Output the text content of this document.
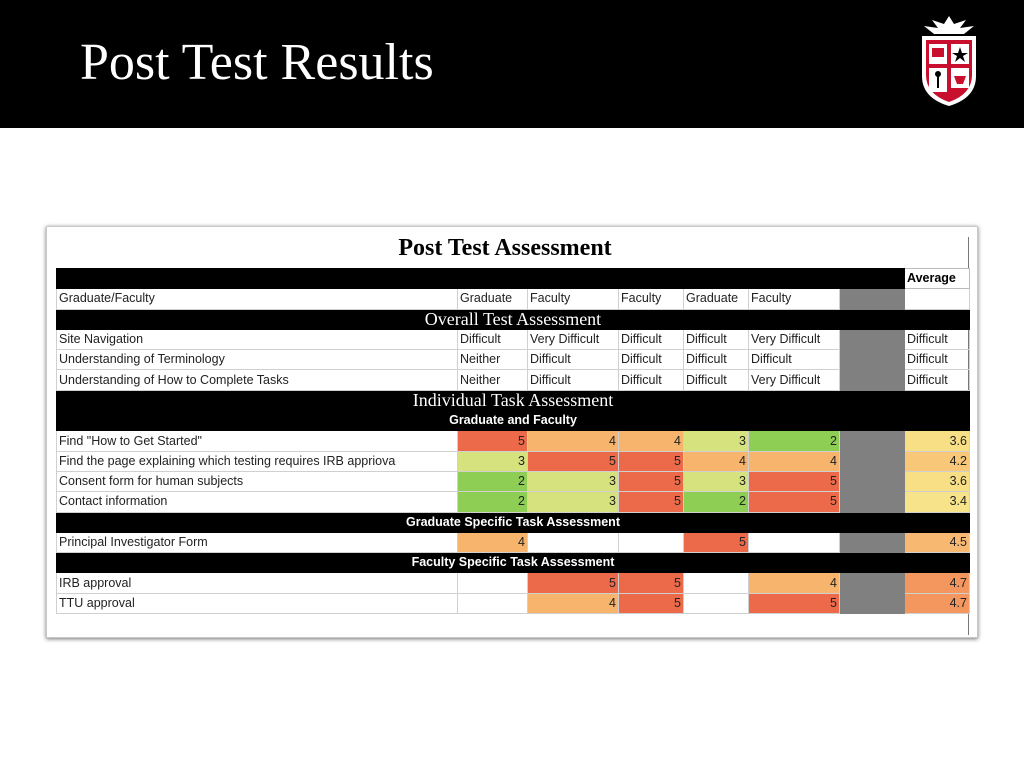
Post Test Results
Post Test Assessment
							Average
Graduate/Faculty	Graduate	Faculty	Faculty	Graduate	Faculty		
Overall Test Assessment							
Site Navigation	Difficult	Very Difficult	Difficult	Difficult	Very Difficult		Difficult
Understanding of Terminology	Neither	Difficult	Difficult	Difficult	Difficult		Difficult
Understanding of How to Complete Tasks	Neither	Difficult	Difficult	Difficult	Very Difficult		Difficult
Individual Task Assessment							
Graduate and Faculty							
Find "How to Get Started"	5	4	4	3	2		3.6
Find the page explaining which testing requires IRB appriova	3	5	5	4	4		4.2
Consent form for human subjects	2	3	5	3	5		3.6
Contact information	2	3	5	2	5		3.4
Graduate Specific Task Assessment							
Principal Investigator Form	4			5			4.5
Faculty Specific Task Assessment							
IRB approval		5	5		4		4.7
TTU approval		4	5		5		4.7
